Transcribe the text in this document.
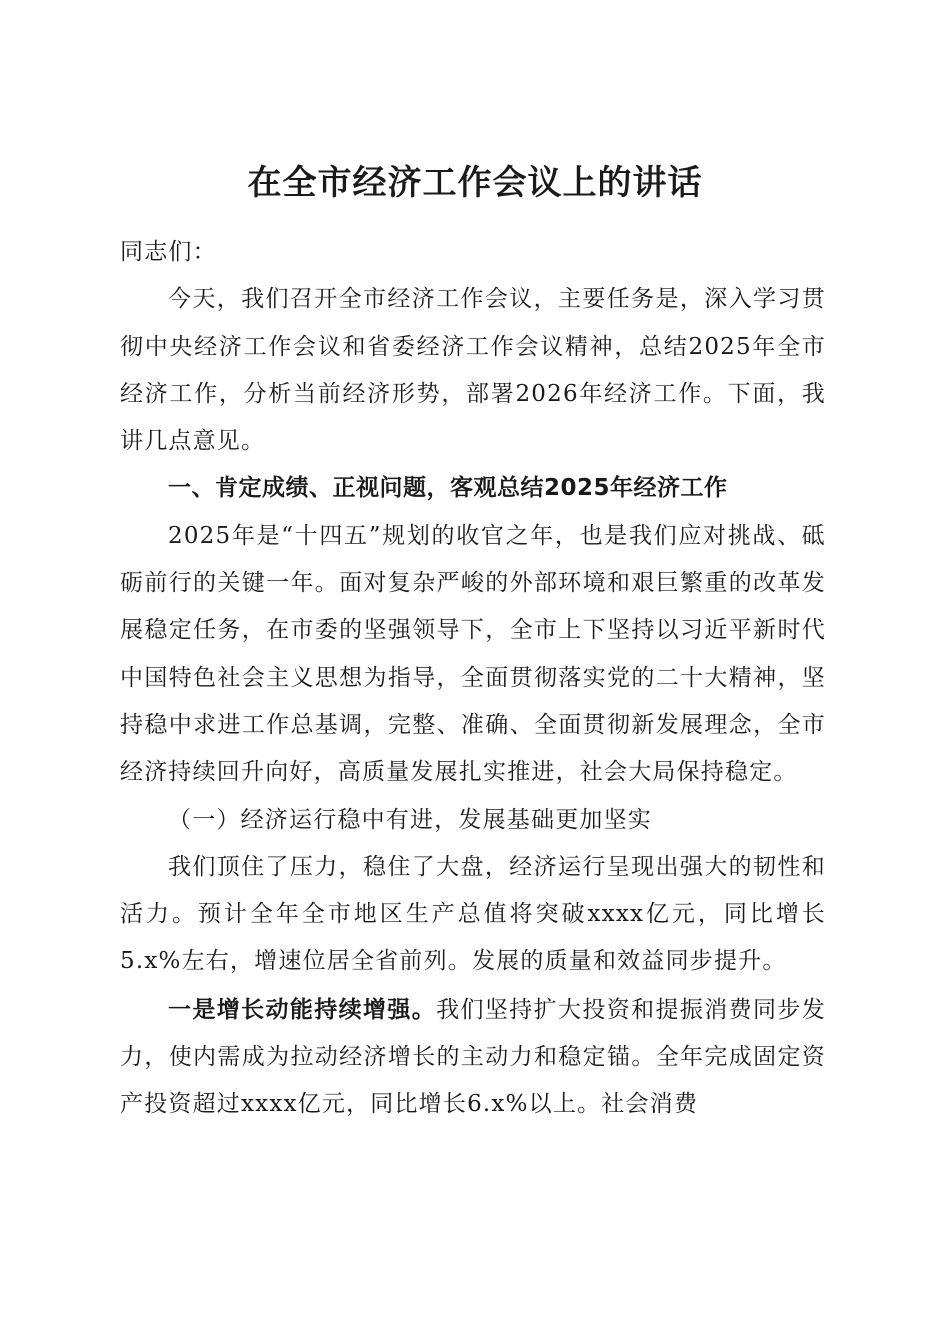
在全市经济工作会议上的讲话

同志们：

今天，我们召开全市经济工作会议，主要任务是，深入学习贯彻中央经济工作会议和省委经济工作会议精神，总结2025年全市经济工作，分析当前经济形势，部署2026年经济工作。下面，我讲几点意见。

一、肯定成绩、正视问题，客观总结2025年经济工作

2025年是“十四五”规划的收官之年，也是我们应对挑战、砥砺前行的关键一年。面对复杂严峻的外部环境和艰巨繁重的改革发展稳定任务，在市委的坚强领导下，全市上下坚持以习近平新时代中国特色社会主义思想为指导，全面贯彻落实党的二十大精神，坚持稳中求进工作总基调，完整、准确、全面贯彻新发展理念，全市经济持续回升向好，高质量发展扎实推进，社会大局保持稳定。

（一）经济运行稳中有进，发展基础更加坚实

我们顶住了压力，稳住了大盘，经济运行呈现出强大的韧性和活力。预计全年全市地区生产总值将突破xxxx亿元，同比增长5.x%左右，增速位居全省前列。发展的质量和效益同步提升。

一是增长动能持续增强。我们坚持扩大投资和提振消费同步发力，使内需成为拉动经济增长的主动力和稳定锚。全年完成固定资产投资超过xxxx亿元，同比增长6.x%以上。社会消费
